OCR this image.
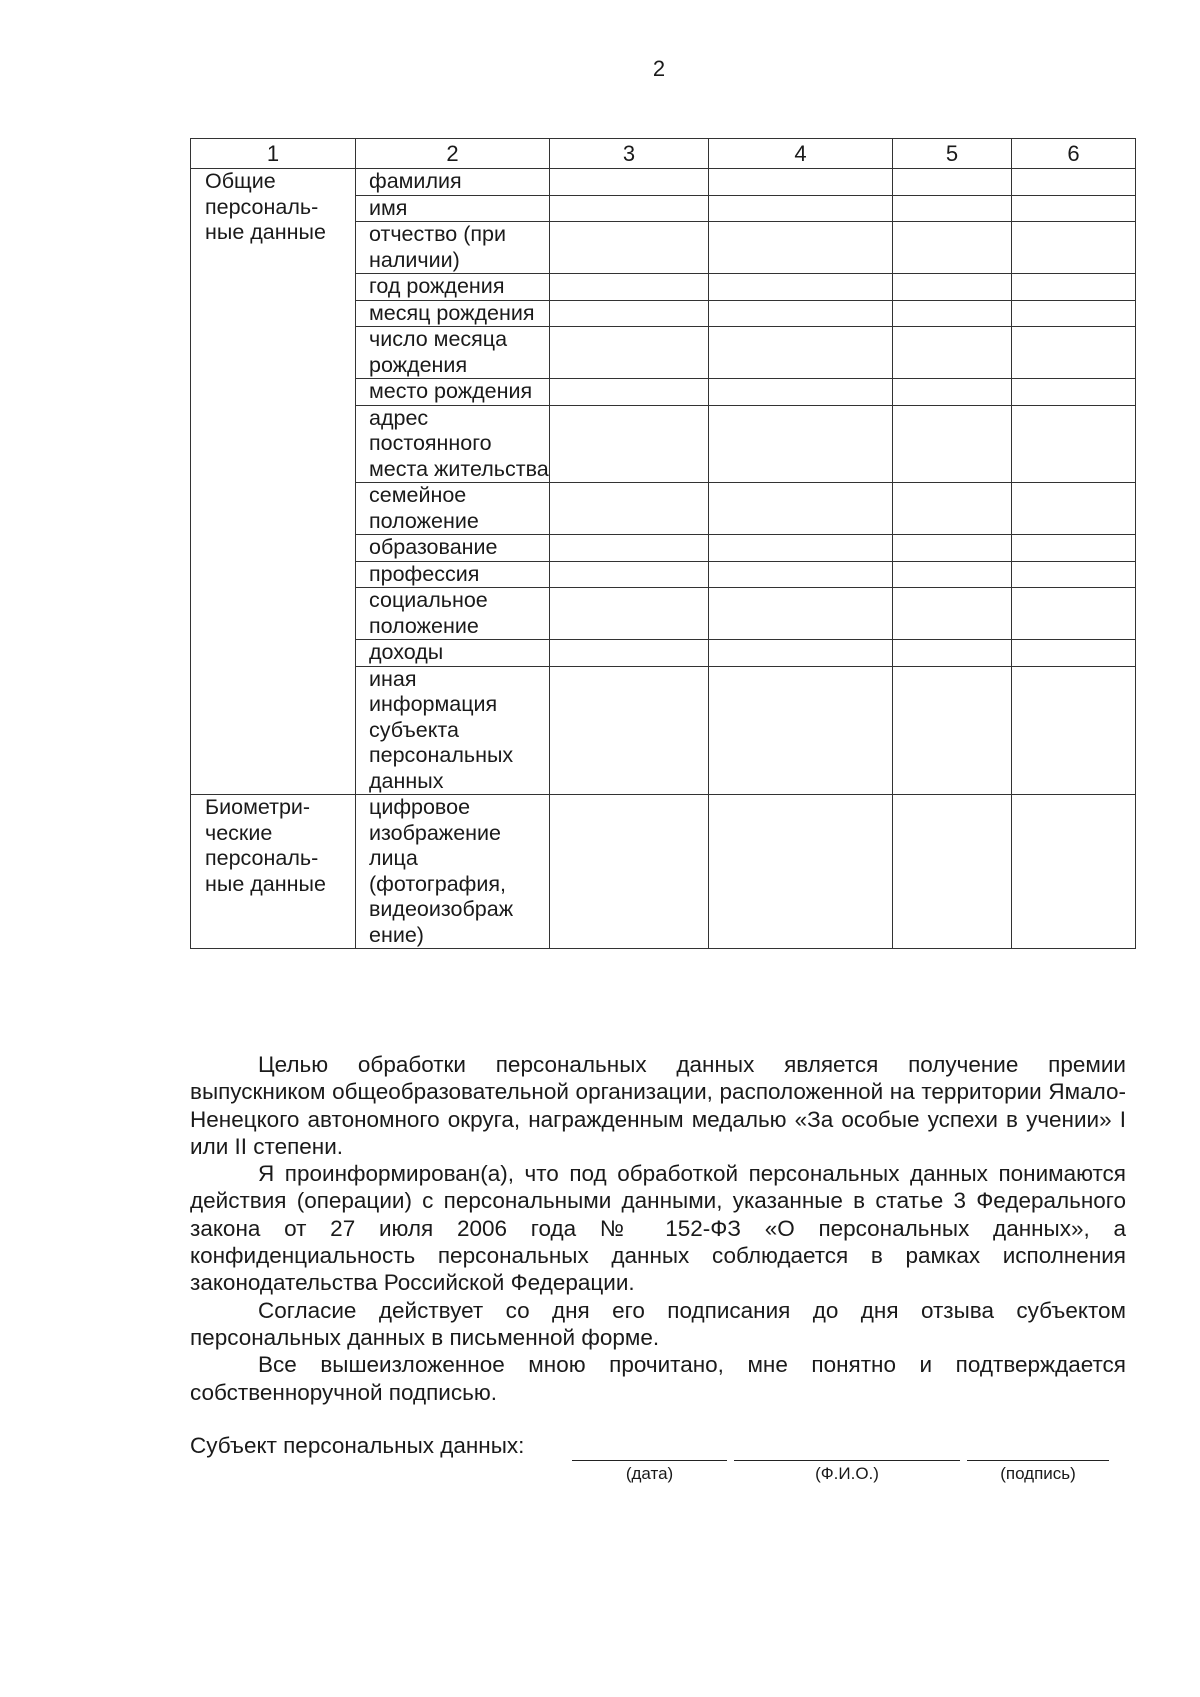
2
1	2	3	4	5	6
Общие персональ-ные данные	фамилия				
	имя				
	отчество (при наличии)				
	год рождения				
	месяц рождения				
	число месяца рождения				
	место рождения				
	адрес постоянного места жительства				
	семейное положение				
	образование				
	профессия				
	социальное положение				
	доходы				
	иная информация субъекта персональных данных				
Биометри-ческие персональ-ные данные	цифровое изображение лица (фотография, видеоизображ ение)				

Целью обработки персональных данных является получение премии выпускником общеобразовательной организации, расположенной на территории Ямало-Ненецкого автономного округа, награжденным медалью «За особые успехи в учении» I или II степени.

Я проинформирован(а), что под обработкой персональных данных понимаются действия (операции) с персональными данными, указанные в статье 3 Федерального закона от 27 июля 2006 года № 152-ФЗ «О персональных данных», а конфиденциальность персональных данных соблюдается в рамках исполнения законодательства Российской Федерации.

Согласие действует со дня его подписания до дня отзыва субъектом персональных данных в письменной форме.

Все вышеизложенное мною прочитано, мне понятно и подтверждается собственноручной подписью.

Субъект персональных данных:
(дата)	(Ф.И.О.)	(подпись)
